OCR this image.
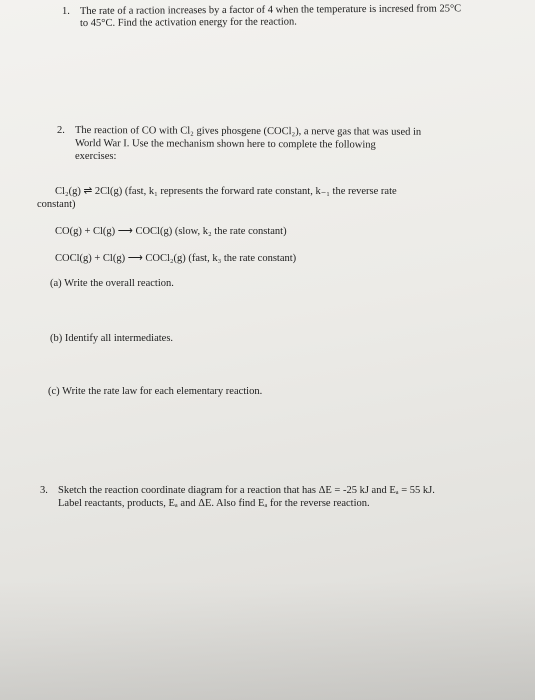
1. The rate of a raction increases by a factor of 4 when the temperature is incresed from 25°C
to 45°C. Find the activation energy for the reaction.
2. The reaction of CO with Cl₂ gives phosgene (COCl₂), a nerve gas that was used in
World War I. Use the mechanism shown here to complete the following
exercises:
Cl₂(g) ⇌ 2Cl(g) (fast, k₁ represents the forward rate constant, k₋₁ the reverse rate
constant)
CO(g) + Cl(g) ⟶ COCl(g) (slow, k₂ the rate constant)
COCl(g) + Cl(g) ⟶ COCl₂(g) (fast, k₃ the rate constant)
(a) Write the overall reaction.
(b) Identify all intermediates.
(c) Write the rate law for each elementary reaction.
3. Sketch the reaction coordinate diagram for a reaction that has ΔE = -25 kJ and Eₐ = 55 kJ.
Label reactants, products, Eₐ and ΔE. Also find Eₐ for the reverse reaction.
